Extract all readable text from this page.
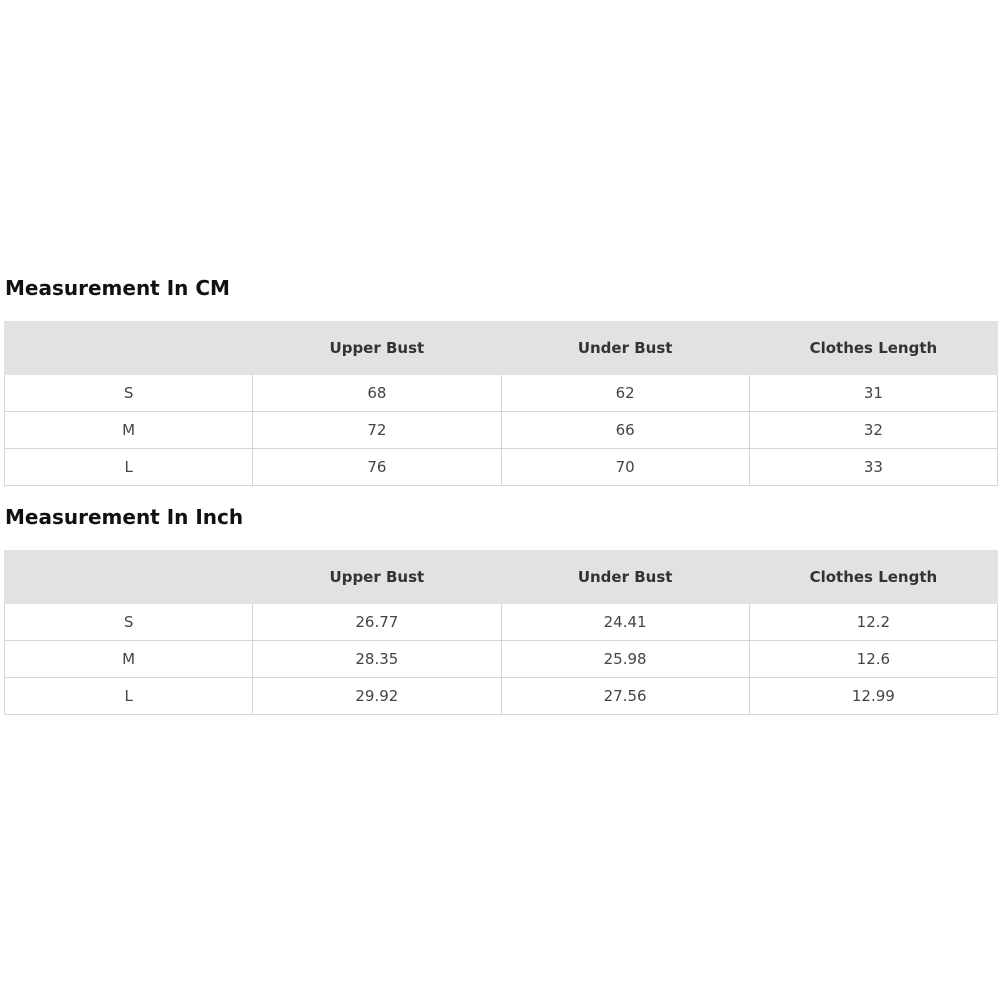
Measurement In CM
	Upper Bust	Under Bust	Clothes Length
S	68	62	31
M	72	66	32
L	76	70	33
Measurement In Inch
	Upper Bust	Under Bust	Clothes Length
S	26.77	24.41	12.2
M	28.35	25.98	12.6
L	29.92	27.56	12.99
